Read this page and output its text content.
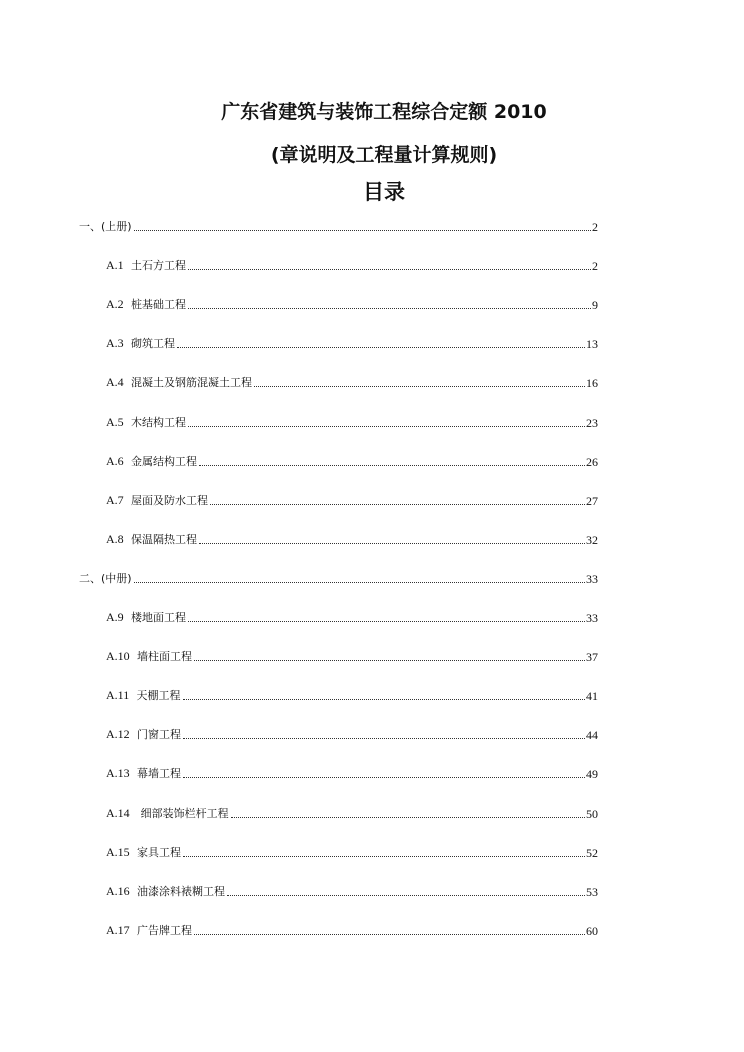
广东省建筑与装饰工程综合定额 2010
(章说明及工程量计算规则)
目录
一、(上册)	2
A.1 土石方工程	2
A.2 桩基础工程	9
A.3 砌筑工程	13
A.4 混凝土及钢筋混凝土工程	16
A.5 木结构工程	23
A.6 金属结构工程	26
A.7 屋面及防水工程	27
A.8 保温隔热工程	32
二、(中册)	33
A.9 楼地面工程	33
A.10 墙柱面工程	37
A.11 天棚工程	41
A.12 门窗工程	44
A.13 幕墙工程	49
A.14 细部装饰栏杆工程	50
A.15 家具工程	52
A.16 油漆涂料裱糊工程	53
A.17 广告牌工程	60
